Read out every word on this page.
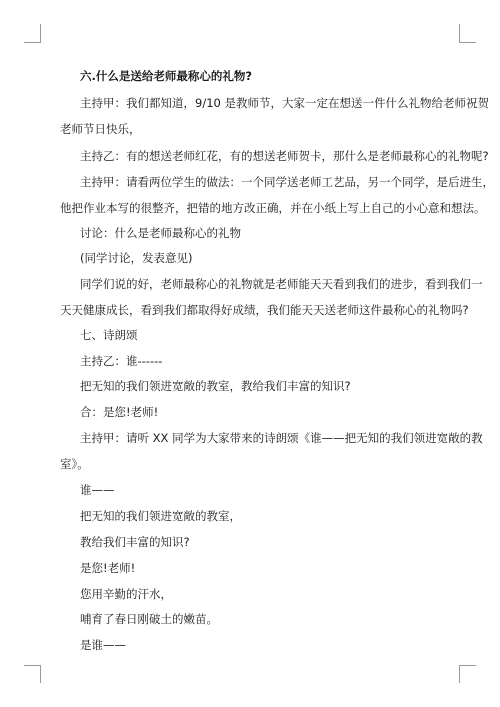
六.什么是送给老师最称心的礼物?
主持甲：我们都知道，9/10 是教师节，大家一定在想送一件什么礼物给老师祝贺
老师节日快乐，
主持乙：有的想送老师红花，有的想送老师贺卡，那什么是老师最称心的礼物呢?
主持甲：请看两位学生的做法：一个同学送老师工艺品，另一个同学，是后进生，
他把作业本写的很整齐，把错的地方改正确，并在小纸上写上自己的小心意和想法。
讨论：什么是老师最称心的礼物
(同学讨论，发表意见)
同学们说的好，老师最称心的礼物就是老师能天天看到我们的进步，看到我们一
天天健康成长，看到我们都取得好成绩，我们能天天送老师这件最称心的礼物吗?
七、诗朗颂
主持乙：谁------
把无知的我们领进宽敞的教室，教给我们丰富的知识?
合：是您!老师!
主持甲：请听 XX 同学为大家带来的诗朗颂《谁——把无知的我们领进宽敞的教
室》。
谁——
把无知的我们领进宽敞的教室，
教给我们丰富的知识?
是您!老师!
您用辛勤的汗水，
哺育了春日刚破土的嫩苗。
是谁——
